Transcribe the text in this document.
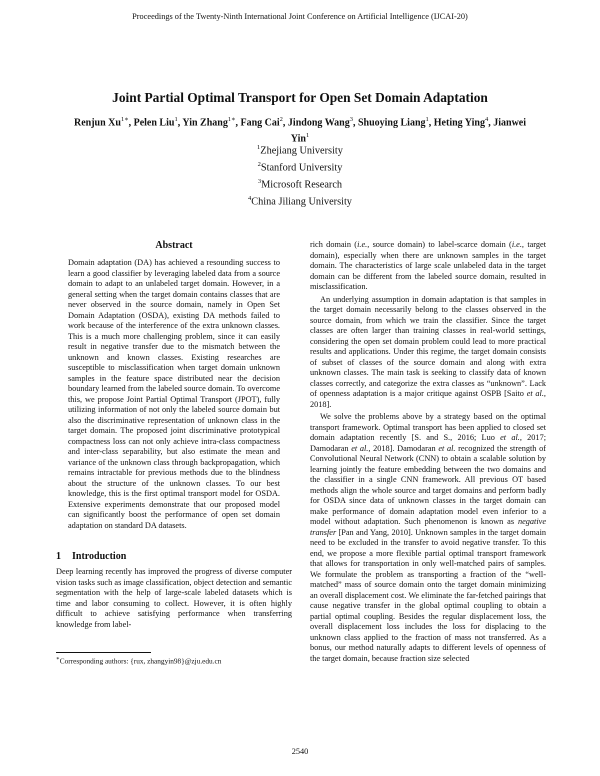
Proceedings of the Twenty-Ninth International Joint Conference on Artificial Intelligence (IJCAI-20)
Joint Partial Optimal Transport for Open Set Domain Adaptation
Renjun $Xu^{1∗}$, Pelen Liu$^1$, Yin Zhang$^{1∗}$, Fang Cai$^2$, Jindong Wang$^3$, Shuoying Liang$^1$, Heting Ying$^4$, Jianwei Yin$^1$
$^1$Zhejiang University
$^2$Stanford University
$^3$Microsoft Research
$^4$China Jiliang University
Abstract

Domain adaptation (DA) has achieved a resounding success to learn a good classifier by leveraging labeled data from a source domain to adapt to an unlabeled target domain. However, in a general setting when the target domain contains classes that are never observed in the source domain, namely in Open Set Domain Adaptation (OSDA), existing DA methods failed to work because of the interference of the extra unknown classes. This is a much more challenging problem, since it can easily result in negative transfer due to the mismatch between the unknown and known classes. Existing researches are susceptible to misclassification when target domain unknown samples in the feature space distributed near the decision boundary learned from the labeled source domain. To overcome this, we propose Joint Partial Optimal Transport (JPOT), fully utilizing information of not only the labeled source domain but also the discriminative representation of unknown class in the target domain. The proposed joint discriminative prototypical compactness loss can not only achieve intra-class compactness and inter-class separability, but also estimate the mean and variance of the unknown class through backpropagation, which remains intractable for previous methods due to the blindness about the structure of the unknown classes. To our best knowledge, this is the first optimal transport model for OSDA. Extensive experiments demonstrate that our proposed model can significantly boost the performance of open set domain adaptation on standard DA datasets.

1 Introduction

Deep learning recently has improved the progress of diverse computer vision tasks such as image classification, object detection and semantic segmentation with the help of large-scale labeled datasets which is time and labor consuming to collect. However, it is often highly difficult to achieve satisfying performance when transferring knowledge from label-

∗Corresponding authors: {rux, zhangyin98}@zju.edu.cn

rich domain (i.e., source domain) to label-scarce domain (i.e., target domain), especially when there are unknown samples in the target domain. The characteristics of large scale unlabeled data in the target domain can be different from the labeled source domain, resulted in misclassification.

An underlying assumption in domain adaptation is that samples in the target domain necessarily belong to the classes observed in the source domain, from which we train the classifier. Since the target classes are often larger than training classes in real-world settings, considering the open set domain problem could lead to more practical results and applications. Under this regime, the target domain consists of subset of classes of the source domain and along with extra unknown classes. The main task is seeking to classify data of known classes correctly, and categorize the extra classes as “unknown”. Lack of openness adaptation is a major critique against OSPB [Saito et al., 2018].

We solve the problems above by a strategy based on the optimal transport framework. Optimal transport has been applied to closed set domain adaptation recently [S. and S., 2016; Luo et al., 2017; Damodaran et al., 2018]. Damodaran et al. recognized the strength of Convolutional Neural Network (CNN) to obtain a scalable solution by learning jointly the feature embedding between the two domains and the classifier in a single CNN framework. All previous OT based methods align the whole source and target domains and perform badly for OSDA since data of unknown classes in the target domain can make performance of domain adaptation model even inferior to a model without adaptation. Such phenomenon is known as negative transfer [Pan and Yang, 2010]. Unknown samples in the target domain need to be excluded in the transfer to avoid negative transfer. To this end, we propose a more flexible partial optimal transport framework that allows for transportation in only well-matched pairs of samples. We formulate the problem as transporting a fraction of the “well-matched” mass of source domain onto the target domain minimizing an overall displacement cost. We eliminate the far-fetched pairings that cause negative transfer in the global optimal coupling to obtain a partial optimal coupling. Besides the regular displacement loss, the overall displacement loss includes the loss for displacing to the unknown class applied to the fraction of mass not transferred. As a bonus, our method naturally adapts to different levels of openness of the target domain, because fraction size selected

2540
